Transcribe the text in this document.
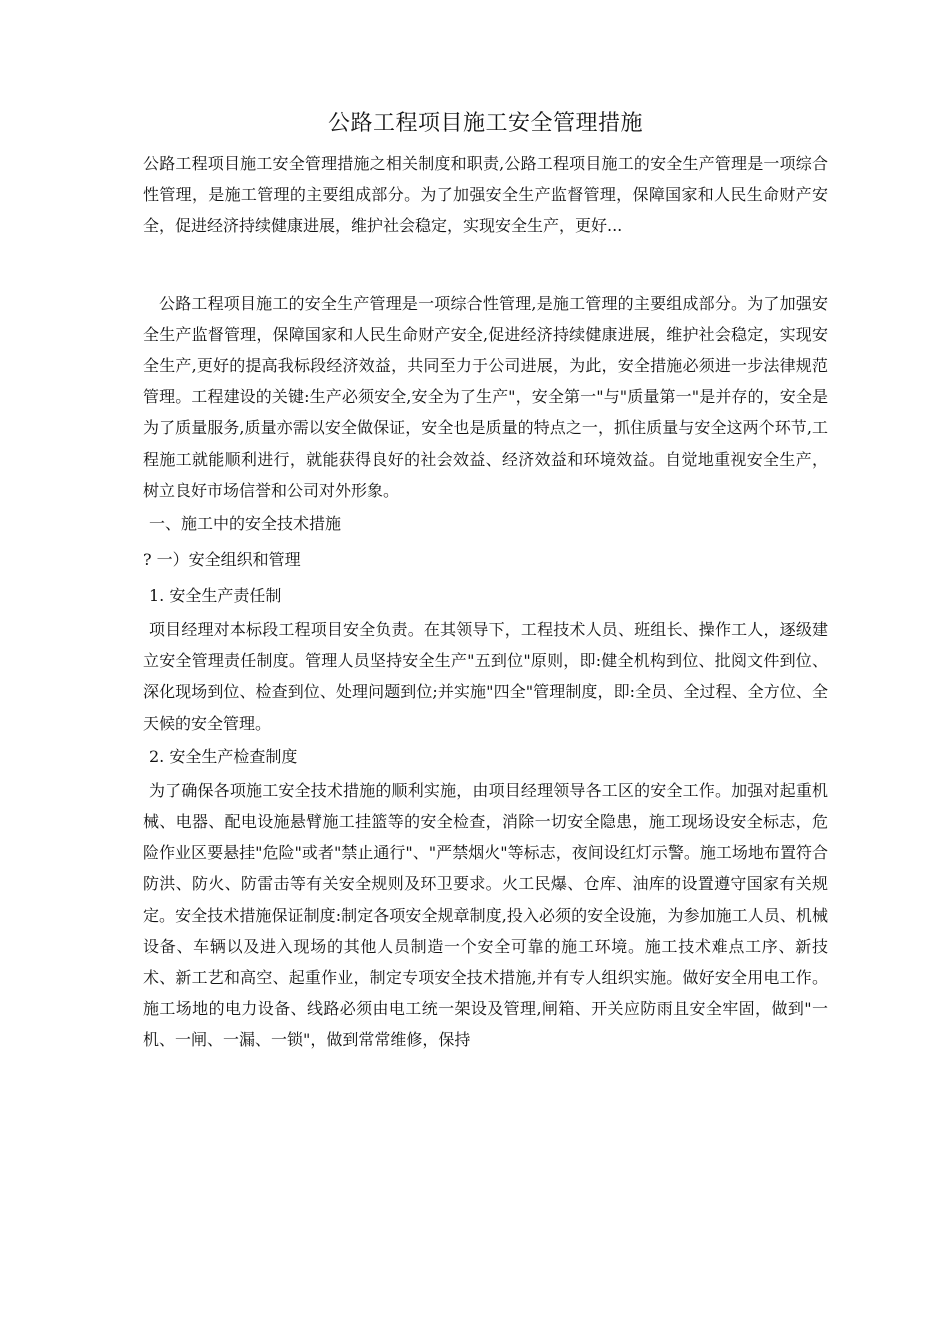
公路工程项目施工安全管理措施

公路工程项目施工安全管理措施之相关制度和职责,公路工程项目施工的安全生产管理是一项综合性管理，是施工管理的主要组成部分。为了加强安全生产监督管理，保障国家和人民生命财产安全，促进经济持续健康进展，维护社会稳定，实现安全生产，更好...

公路工程项目施工的安全生产管理是一项综合性管理,是施工管理的主要组成部分。为了加强安全生产监督管理，保障国家和人民生命财产安全,促进经济持续健康进展，维护社会稳定，实现安全生产,更好的提高我标段经济效益，共同至力于公司进展，为此，安全措施必须进一步法律规范管理。工程建设的关键:生产必须安全,安全为了生产"，安全第一"与"质量第一"是并存的，安全是为了质量服务,质量亦需以安全做保证，安全也是质量的特点之一，抓住质量与安全这两个环节,工程施工就能顺利进行，就能获得良好的社会效益、经济效益和环境效益。自觉地重视安全生产，树立良好市场信誉和公司对外形象。

一、施工中的安全技术措施

? 一）安全组织和管理

1. 安全生产责任制

项目经理对本标段工程项目安全负责。在其领导下，工程技术人员、班组长、操作工人，逐级建立安全管理责任制度。管理人员坚持安全生产"五到位"原则，即:健全机构到位、批阅文件到位、深化现场到位、检查到位、处理问题到位;并实施"四全"管理制度，即:全员、全过程、全方位、全天候的安全管理。

2. 安全生产检查制度

为了确保各项施工安全技术措施的顺利实施，由项目经理领导各工区的安全工作。加强对起重机械、电器、配电设施悬臂施工挂篮等的安全检查，消除一切安全隐患，施工现场设安全标志，危险作业区要悬挂"危险"或者"禁止通行"、"严禁烟火"等标志，夜间设红灯示警。施工场地布置符合防洪、防火、防雷击等有关安全规则及环卫要求。火工民爆、仓库、油库的设置遵守国家有关规定。安全技术措施保证制度:制定各项安全规章制度,投入必须的安全设施，为参加施工人员、机械设备、车辆以及进入现场的其他人员制造一个安全可靠的施工环境。施工技术难点工序、新技术、新工艺和高空、起重作业，制定专项安全技术措施,并有专人组织实施。做好安全用电工作。施工场地的电力设备、线路必须由电工统一架设及管理,闸箱、开关应防雨且安全牢固，做到"一机、一闸、一漏、一锁"，做到常常维修，保持
